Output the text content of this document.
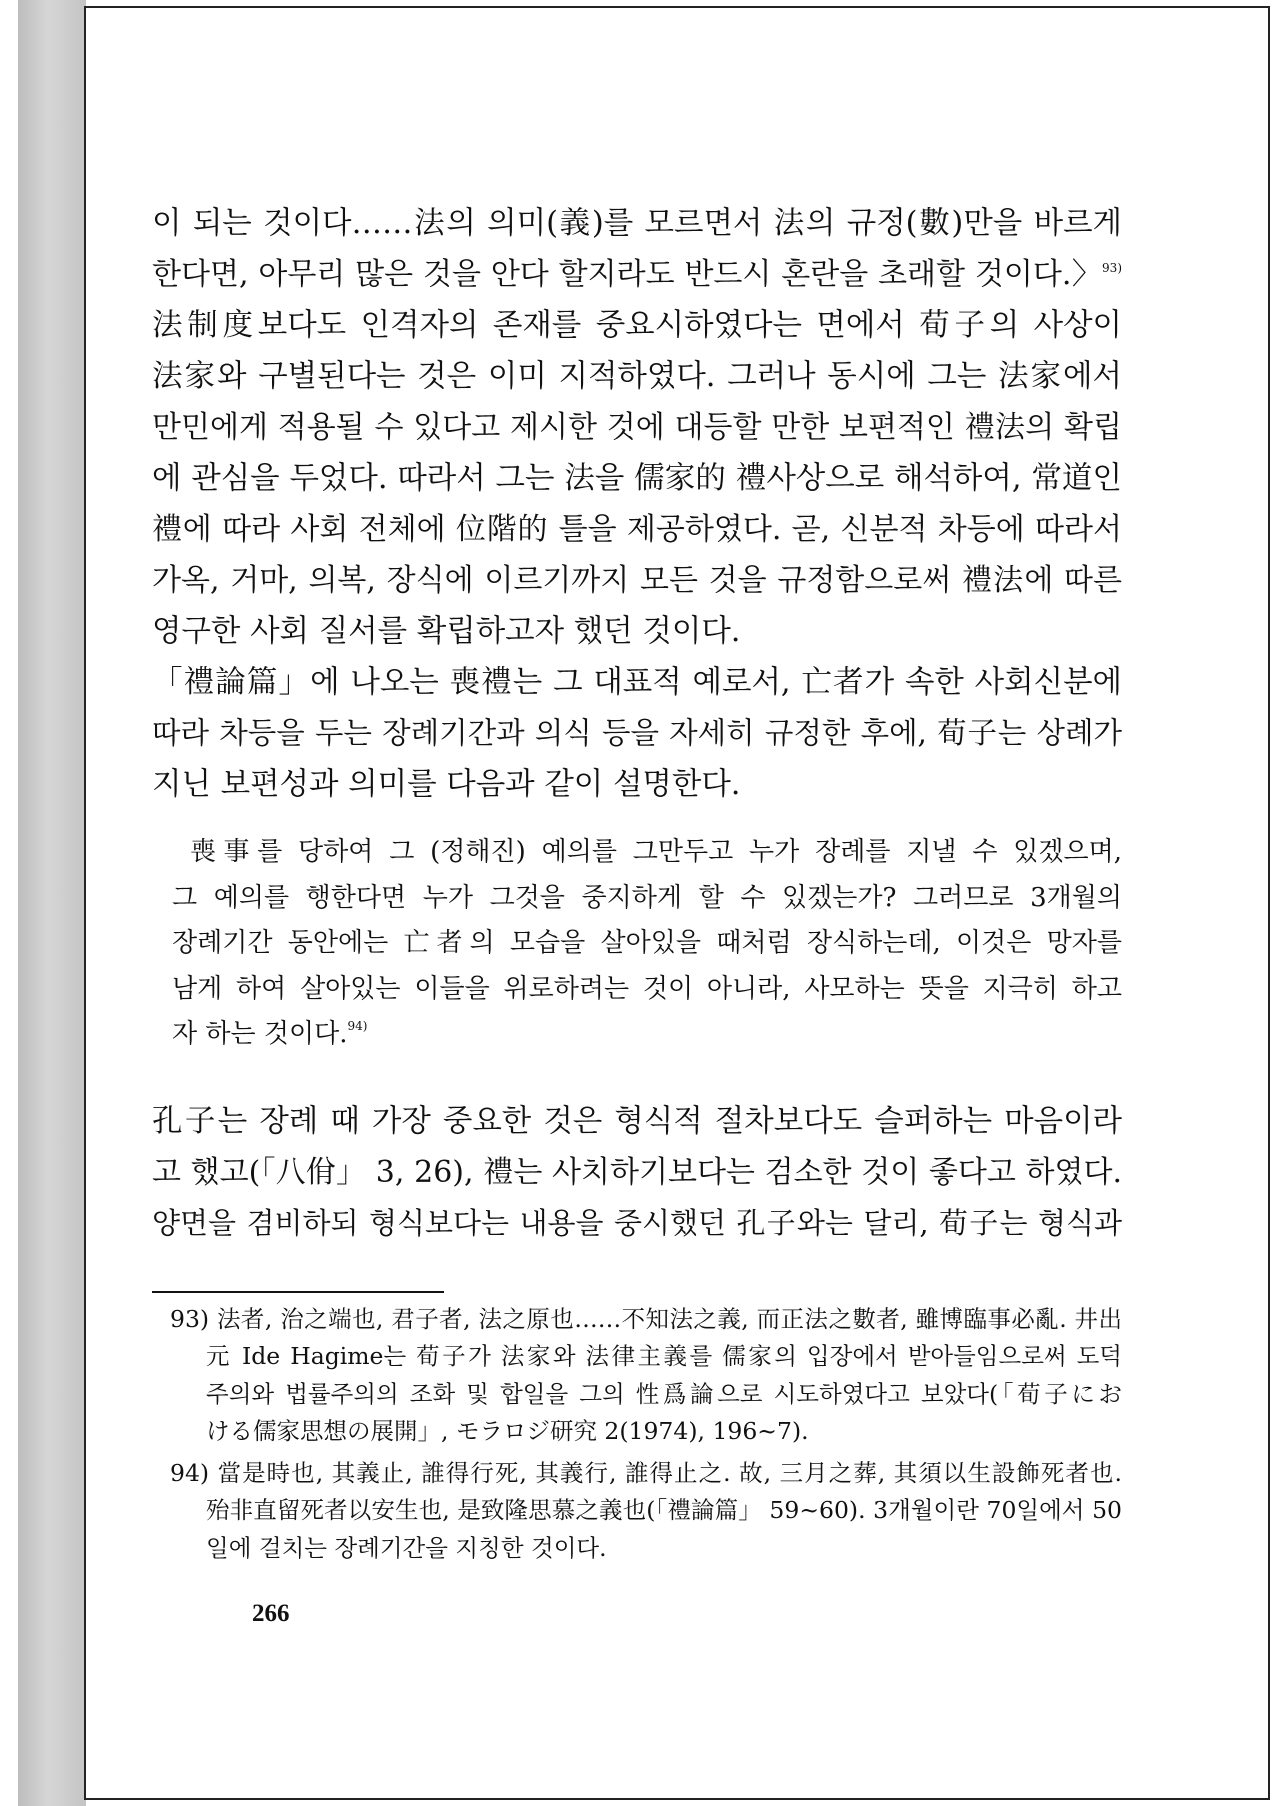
이 되는 것이다……法의 의미(義)를 모르면서 法의 규정(數)만을 바르게

한다면, 아무리 많은 것을 안다 할지라도 반드시 혼란을 초래할 것이다.〉$^{93)}$

法制度보다도 인격자의 존재를 중요시하였다는 면에서 荀子의 사상이

法家와 구별된다는 것은 이미 지적하였다. 그러나 동시에 그는 法家에서

만민에게 적용될 수 있다고 제시한 것에 대등할 만한 보편적인 禮法의 확립

에 관심을 두었다. 따라서 그는 法을 儒家的 禮사상으로 해석하여, 常道인

禮에 따라 사회 전체에 位階的 틀을 제공하였다. 곧, 신분적 차등에 따라서

가옥, 거마, 의복, 장식에 이르기까지 모든 것을 규정함으로써 禮法에 따른

영구한 사회 질서를 확립하고자 했던 것이다.

「禮論篇」에 나오는 喪禮는 그 대표적 예로서, 亡者가 속한 사회신분에

따라 차등을 두는 장례기간과 의식 등을 자세히 규정한 후에, 荀子는 상례가

지닌 보편성과 의미를 다음과 같이 설명한다.

喪事를 당하여 그 (정해진) 예의를 그만두고 누가 장례를 지낼 수 있겠으며,

그 예의를 행한다면 누가 그것을 중지하게 할 수 있겠는가? 그러므로 3개월의

장례기간 동안에는 亡者의 모습을 살아있을 때처럼 장식하는데, 이것은 망자를

남게 하여 살아있는 이들을 위로하려는 것이 아니라, 사모하는 뜻을 지극히 하고

자 하는 것이다.$^{94)}$

孔子는 장례 때 가장 중요한 것은 형식적 절차보다도 슬퍼하는 마음이라

고 했고(「八佾」 3, 26), 禮는 사치하기보다는 검소한 것이 좋다고 하였다.

양면을 겸비하되 형식보다는 내용을 중시했던 孔子와는 달리, 荀子는 형식과

93) 法者, 治之端也, 君子者, 法之原也……不知法之義, 而正法之數者, 雖博臨事必亂. 井出
元 Ide Hagime는 荀子가 法家와 法律主義를 儒家의 입장에서 받아들임으로써 도덕
주의와 법률주의의 조화 및 합일을 그의 性爲論으로 시도하였다고 보았다(「荀子にお
ける儒家思想の展開」, モラロジ研究 2(1974), 196~7).
94) 當是時也, 其義止, 誰得行死, 其義行, 誰得止之. 故, 三月之葬, 其須以生設飾死者也.
殆非直留死者以安生也, 是致隆思慕之義也(「禮論篇」 59~60). 3개월이란 70일에서 50
일에 걸치는 장례기간을 지칭한 것이다.
266
